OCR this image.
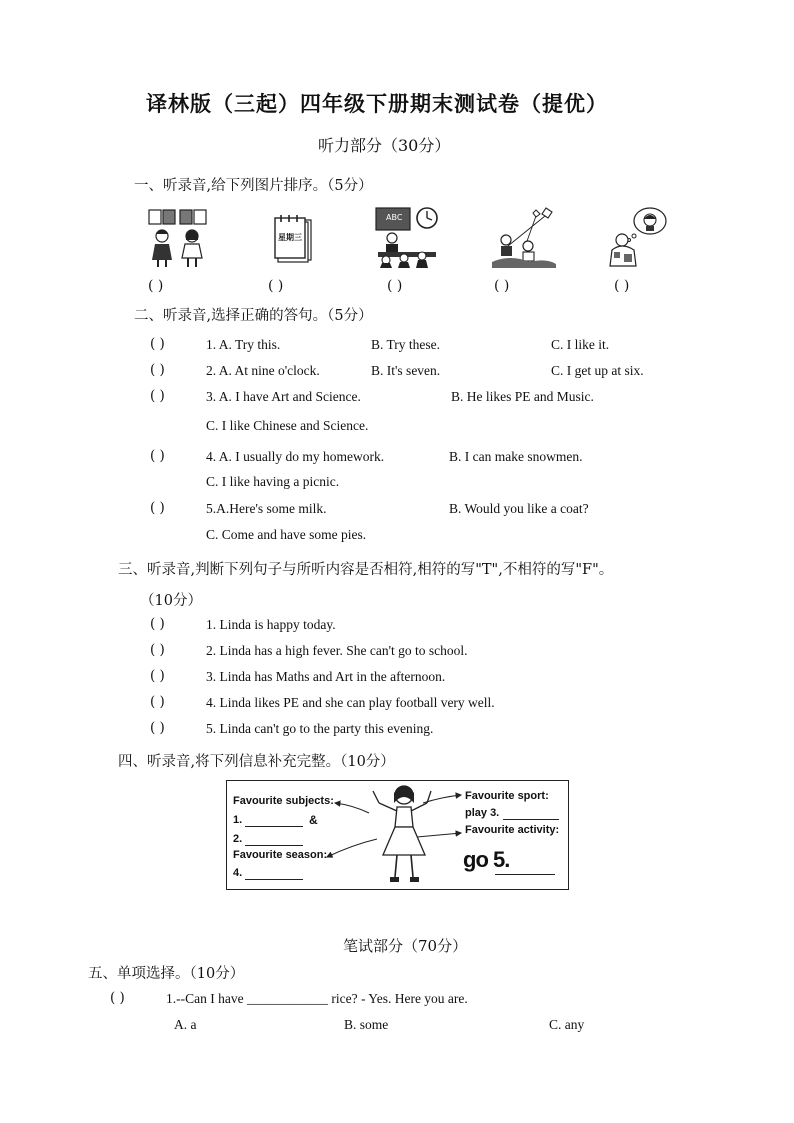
译林版（三起）四年级下册期末测试卷（提优）
听力部分（30分）
一、听录音,给下列图片排序。（5分）
星期三
ABC
( )	( )	( )	( )	( )
二、听录音,选择正确的答句。（5分）
( )	1. A. Try this.	B. Try these.	C. I like it.
( )	2. A. At nine o'clock.	B. It's seven.	C. I get up at six.
( )	3. A. I have Art and Science.	B. He likes PE and Music.
C. I like Chinese and Science.
( )	4. A. I usually do my homework.	B. I can make snowmen.
C. I like having a picnic.
( )	5.A.Here's some milk.	B. Would you like a coat?
C. Come and have some pies.
三、听录音,判断下列句子与所听内容是否相符,相符的写"T",不相符的写"F"。
（10分）
( )	1. Linda is happy today.
( )	2. Linda has a high fever. She can't go to school.
( )	3. Linda has Maths and Art in the afternoon.
( )	4. Linda likes PE and she can play football very well.
( )	5. Linda can't go to the party this evening.
四、听录音,将下列信息补充完整。（10分）
Favourite subjects:
1.	&
2.
Favourite season:
4.
Favourite sport:
play 3.
Favourite activity:
go 5.
笔试部分（70分）
五、单项选择。（10分）
( )	1.--Can I have ____________ rice? - Yes. Here you are.
A. a	B. some	C. any
